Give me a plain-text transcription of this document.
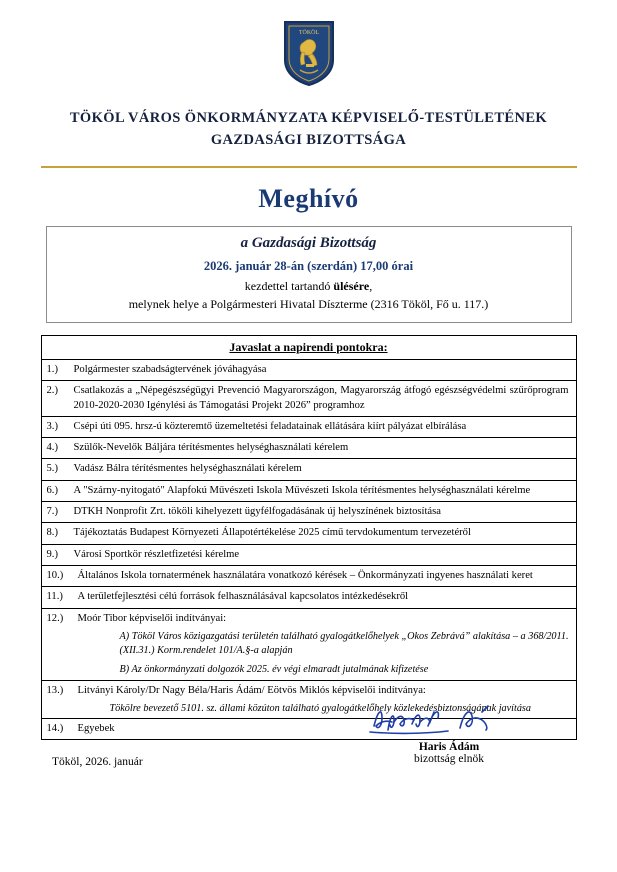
TÖKÖL
TÖKÖL VÁROS ÖNKORMÁNYZATA KÉPVISELŐ-TESTÜLETÉNEK
GAZDASÁGI BIZOTTSÁGA
Meghívó
a Gazdasági Bizottság
2026. január 28-án (szerdán) 17,00 órai
kezdettel tartandó ülésére,
melynek helye a Polgármesteri Hivatal Díszterme (2316 Tököl, Fő u. 117.)
Javaslat a napirendi pontokra:
1.)	Polgármester szabadságtervének jóváhagyása
2.)	Csatlakozás a „Népegészségügyi Prevenció Magyarországon, Magyarország átfogó egészségvédelmi szűrőprogram 2010-2020-2030 Igénylési ás Támogatási Projekt 2026” programhoz
3.)	Csépi úti 095. hrsz-ú közteremtő üzemeltetési feladatainak ellátására kiírt pályázat elbírálása
4.)	Szülők-Nevelők Báljára térítésmentes helységhasználati kérelem
5.)	Vadász Bálra térítésmentes helységhasználati kérelem
6.)	A "Szárny-nyitogató" Alapfokú Művészeti Iskola Művészeti Iskola térítésmentes helységhasználati kérelme
7.)	DTKH Nonprofit Zrt. tököli kihelyezett ügyfélfogadásának új helyszínének biztosítása
8.)	Tájékoztatás Budapest Környezeti Állapotértékelése 2025 című tervdokumentum tervezetéről
9.)	Városi Sportkör részletfizetési kérelme
10.)	Általános Iskola tornatermének használatára vonatkozó kérések – Önkormányzati ingyenes használati keret
11.)	A területfejlesztési célú források felhasználásával kapcsolatos intézkedésekről
12.)	Moór Tibor képviselői indítványai:
A) Tököl Város közigazgatási területén található gyalogátkelőhelyek „Okos Zebrává” alakítása – a 368/2011.(XII.31.) Korm.rendelet 101/A.§-a alapján
B) Az önkormányzati dolgozók 2025. év végi elmaradt jutalmának kifizetése
13.)	Litványi Károly/Dr Nagy Béla/Haris Ádám/ Eötvös Miklós képviselői indítványa:
Tökölre bevezető 5101. sz. állami közúton található gyalogátkelőhely közlekedésbiztonságának javítása
14.)	Egyebek
Tököl, 2026. január
Haris Ádám
bizottság elnök
